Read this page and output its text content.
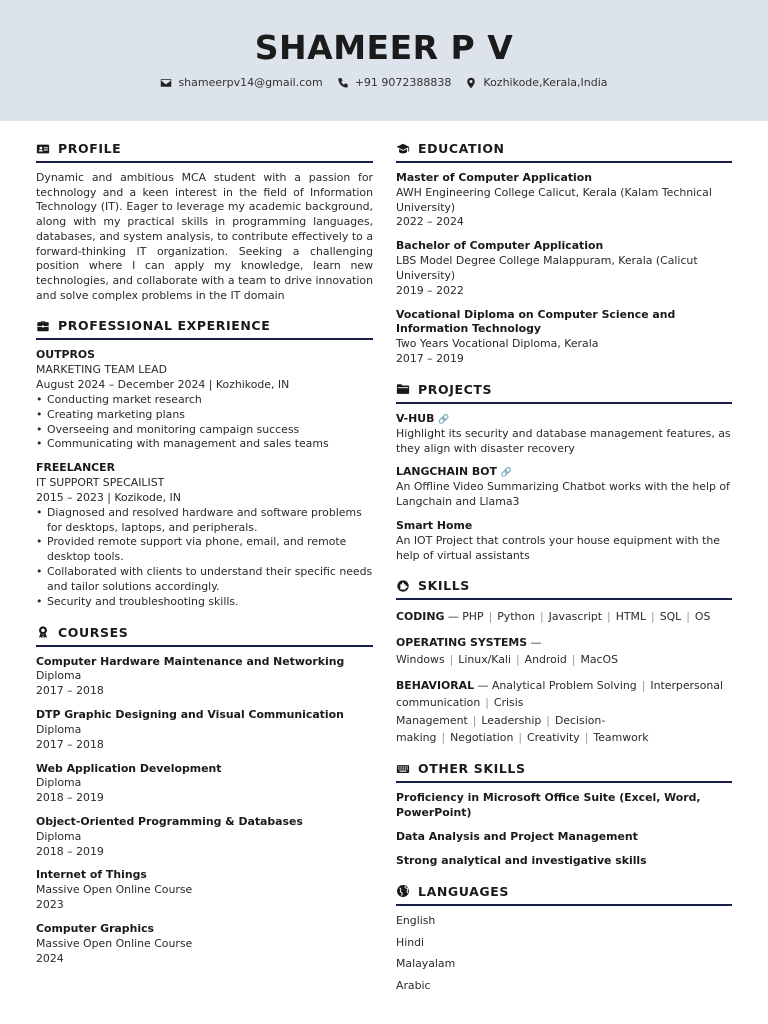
SHAMEER P V
shameerpv14@gmail.com	+91 9072388838	Kozhikode,Kerala,India
PROFILE

Dynamic and ambitious MCA student with a passion for technology and a keen interest in the field of Information Technology (IT). Eager to leverage my academic background, along with my practical skills in programming languages, databases, and system analysis, to contribute effectively to a forward-thinking IT organization. Seeking a challenging position where I can apply my knowledge, learn new technologies, and collaborate with a team to drive innovation and solve complex problems in the IT domain

PROFESSIONAL EXPERIENCE
OUTPROS
MARKETING TEAM LEAD
August 2024 – December 2024 | Kozhikode, IN
• Conducting market research
• Creating marketing plans
• Overseeing and monitoring campaign success
• Communicating with management and sales teams
FREELANCER
IT SUPPORT SPECAILIST
2015 – 2023 | Kozikode, IN
• Diagnosed and resolved hardware and software problems for desktops, laptops, and peripherals.
• Provided remote support via phone, email, and remote desktop tools.
• Collaborated with clients to understand their specific needs and tailor solutions accordingly.
• Security and troubleshooting skills.
COURSES
Computer Hardware Maintenance and Networking
Diploma
2017 – 2018
DTP Graphic Designing and Visual Communication
Diploma
2017 – 2018
Web Application Development
Diploma
2018 – 2019
Object-Oriented Programming & Databases
Diploma
2018 – 2019
Internet of Things
Massive Open Online Course
2023
Computer Graphics
Massive Open Online Course
2024
EDUCATION
Master of Computer Application
AWH Engineering College Calicut, Kerala (Kalam Technical University)
2022 – 2024
Bachelor of Computer Application
LBS Model Degree College Malappuram, Kerala (Calicut University)
2019 – 2022
Vocational Diploma on Computer Science and Information Technology
Two Years Vocational Diploma, Kerala
2017 – 2019
PROJECTS
V-HUB 🔗
Highlight its security and database management features, as they align with disaster recovery
LANGCHAIN BOT 🔗
An Offline Video Summarizing Chatbot works with the help of Langchain and Llama3
Smart Home
An IOT Project that controls your house equipment with the help of virtual assistants
SKILLS
CODING — PHP | Python | Javascript | HTML | SQL | OS
OPERATING SYSTEMS — Windows | Linux/Kali | Android | MacOS
BEHAVIORAL — Analytical Problem Solving | Interpersonal communication | Crisis Management | Leadership | Decision-making | Negotiation | Creativity | Teamwork
OTHER SKILLS
Proficiency in Microsoft Office Suite (Excel, Word, PowerPoint)
Data Analysis and Project Management
Strong analytical and investigative skills
LANGUAGES
English
Hindi
Malayalam
Arabic
